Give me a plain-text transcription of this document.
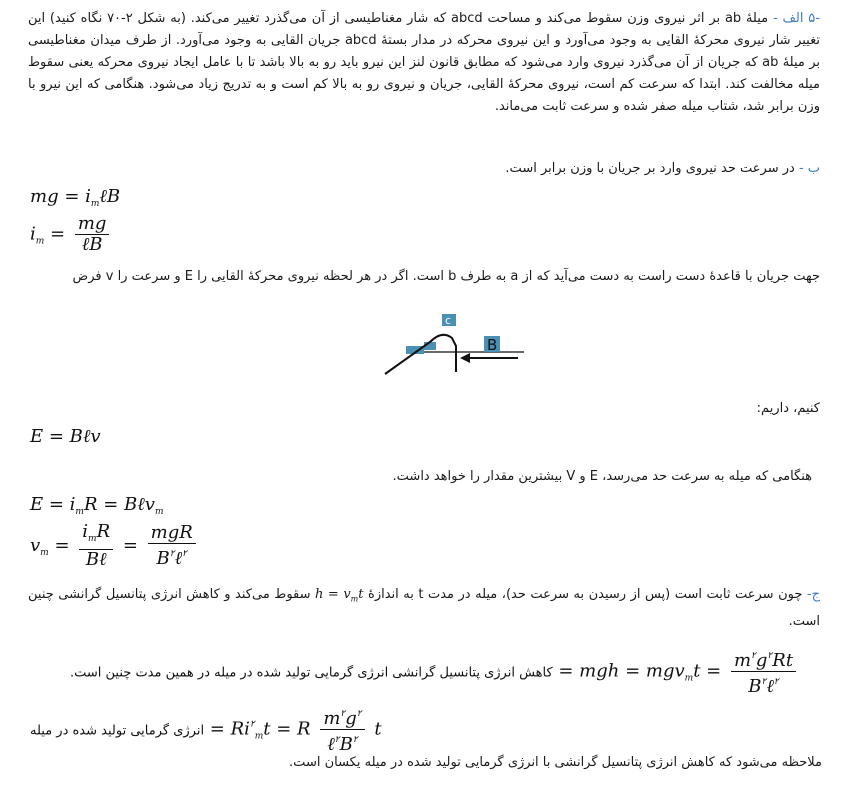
-۵ الف - میلهٔ ab بر اثر نیروی وزن سقوط می‌کند و مساحت abcd که شار مغناطیسی از آن می‌گذرد تغییر می‌کند. (به شکل ۲-۷۰ نگاه کنید) این تغییر شار نیروی محرکهٔ القایی به وجود می‌آورد و این نیروی محرکه در مدار بستهٔ abcd جریان القایی به وجود می‌آورد. از طرف میدان مغناطیسی بر میلهٔ ab که جریان از آن می‌گذرد نیروی وارد می‌شود که مطابق قانون لنز این نیرو باید رو به بالا باشد تا با عامل ایجاد نیروی محرکه یعنی سقوط میله مخالفت کند. ابتدا که سرعت کم است، نیروی محرکهٔ القایی، جریان و نیروی رو به بالا کم است و به تدریج زیاد می‌شود. هنگامی که این نیرو با وزن برابر شد، شتاب میله صفر شده و سرعت ثابت می‌ماند.

ب - در سرعت حد نیروی وارد بر جریان با وزن برابر است.

mg = $i_m\ell B$
$i_m = \frac{mg}{\text{ℓB}}$

جهت جریان با قاعدهٔ دست راست به دست می‌آید که از a به طرف b است. اگر در هر لحظه نیروی محرکهٔ القایی را E و سرعت را v فرض

c
B

کنیم، داریم:

E = Bℓv

هنگامی که میله به سرعت حد می‌رسد، E و V بیشترین مقدار را خواهد داشت.

$E = i_mR$ = Bℓv$_m$
$v_m = \frac{i_mR}{\text{Bℓ}} = \frac{\text{mgR}}{B^۲\ell^۲}$

ج- چون سرعت ثابت است (پس از رسیدن به سرعت حد)، میله در مدت t به اندازهٔ $h = v_mt$ سقوط می‌کند و کاهش انرژی پتانسیل گرانشی چنین است.

کاهش انرژی پتانسیل گرانشی انرژی گرمایی تولید شده در میله در همین مدت چنین است. = mgh = $mgv_mt = \frac{m^۲g^۲Rt}{B^۲\ell^۲}$
انرژی گرمایی تولید شده در میله = $Ri^۲_mt = R \frac{m^۲g^۲}{\ell^۲B^۲}$ t

ملاحظه می‌شود که کاهش انرژی پتانسیل گرانشی با انرژی گرمایی تولید شده در میله یکسان است.
